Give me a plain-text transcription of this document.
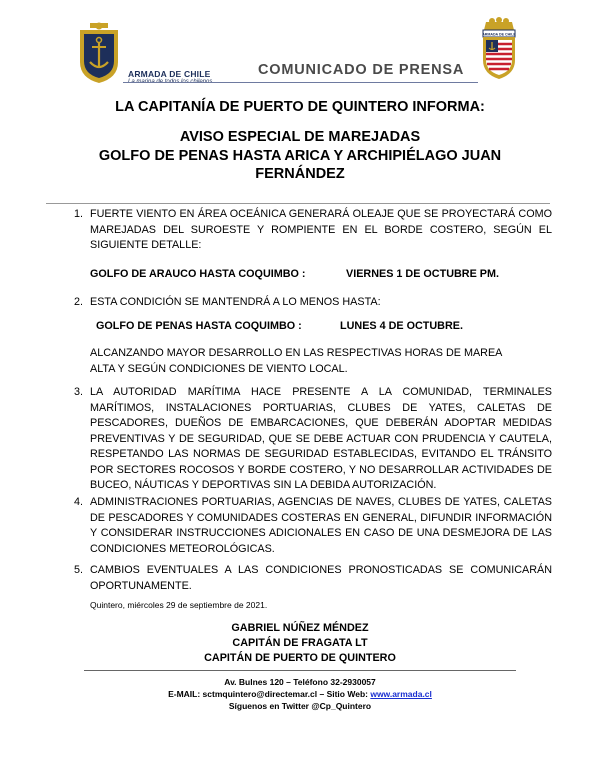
ARMADA DE CHILE	COMUNICADO DE PRENSA
ARMADA DE CHILE
LA CAPITANÍA DE PUERTO DE QUINTERO INFORMA:
AVISO ESPECIAL DE MAREJADAS
GOLFO DE PENAS HASTA ARICA Y ARCHIPIÉLAGO JUAN FERNÁNDEZ
1. FUERTE VIENTO EN ÁREA OCEÁNICA GENERARÁ OLEAJE QUE SE PROYECTARÁ COMO MAREJADAS DEL SUROESTE Y ROMPIENTE EN EL BORDE COSTERO, SEGÚN EL SIGUIENTE DETALLE:
GOLFO DE ARAUCO HASTA COQUIMBO :	VIERNES 1 DE OCTUBRE PM.
2. ESTA CONDICIÓN SE MANTENDRÁ A LO MENOS HASTA:
GOLFO DE PENAS HASTA COQUIMBO :	LUNES 4 DE OCTUBRE.
ALCANZANDO MAYOR DESARROLLO EN LAS RESPECTIVAS HORAS DE MAREA ALTA Y SEGÚN CONDICIONES DE VIENTO LOCAL.
3. LA AUTORIDAD MARÍTIMA HACE PRESENTE A LA COMUNIDAD, TERMINALES MARÍTIMOS, INSTALACIONES PORTUARIAS, CLUBES DE YATES, CALETAS DE PESCADORES, DUEÑOS DE EMBARCACIONES, QUE DEBERÁN ADOPTAR MEDIDAS PREVENTIVAS Y DE SEGURIDAD, QUE SE DEBE ACTUAR CON PRUDENCIA Y CAUTELA, RESPETANDO LAS NORMAS DE SEGURIDAD ESTABLECIDAS, EVITANDO EL TRÁNSITO POR SECTORES ROCOSOS Y BORDE COSTERO, Y NO DESARROLLAR ACTIVIDADES DE BUCEO, NÁUTICAS Y DEPORTIVAS SIN LA DEBIDA AUTORIZACIÓN.
4. ADMINISTRACIONES PORTUARIAS, AGENCIAS DE NAVES, CLUBES DE YATES, CALETAS DE PESCADORES Y COMUNIDADES COSTERAS EN GENERAL, DIFUNDIR INFORMACIÓN Y CONSIDERAR INSTRUCCIONES ADICIONALES EN CASO DE UNA DESMEJORA DE LAS CONDICIONES METEOROLÓGICAS.
5. CAMBIOS EVENTUALES A LAS CONDICIONES PRONOSTICADAS SE COMUNICARÁN OPORTUNAMENTE.
Quintero, miércoles 29 de septiembre de 2021.
GABRIEL NÚÑEZ MÉNDEZ
CAPITÁN DE FRAGATA LT
CAPITÁN DE PUERTO DE QUINTERO
Av. Bulnes 120 – Teléfono 32-2930057
E-MAIL: sctmquintero@directemar.cl – Sitio Web: www.armada.cl
Síguenos en Twitter @Cp_Quintero
